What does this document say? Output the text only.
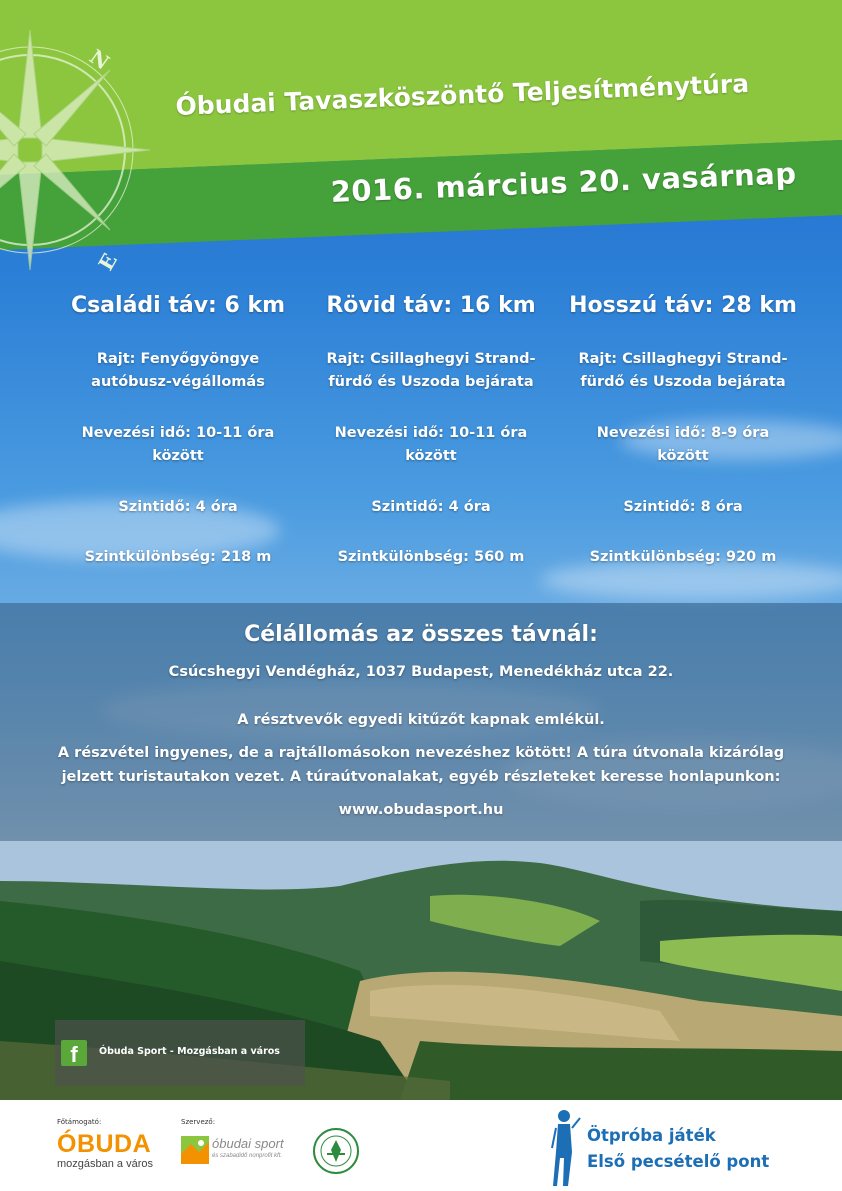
N
E
Óbudai Tavaszköszöntő Teljesítménytúra
2016. március 20. vasárnap
Családi táv: 6 km
Rajt: Fenyőgyöngye
autóbusz-végállomás
Nevezési idő: 10-11 óra
között
Szintidő: 4 óra
Szintkülönbség: 218 m
Rövid táv: 16 km
Rajt: Csillaghegyi Strand-
fürdő és Uszoda bejárata
Nevezési idő: 10-11 óra
között
Szintidő: 4 óra
Szintkülönbség: 560 m
Hosszú táv: 28 km
Rajt: Csillaghegyi Strand-
fürdő és Uszoda bejárata
Nevezési idő: 8-9 óra
között
Szintidő: 8 óra
Szintkülönbség: 920 m
Célállomás az összes távnál:
Csúcshegyi Vendégház, 1037 Budapest, Menedékház utca 22.
A résztvevők egyedi kitűzőt kapnak emlékül.
A részvétel ingyenes, de a rajtállomásokon nevezéshez kötött! A túra útvonala kizárólag
jelzett turistautakon vezet. A túraútvonalakat, egyéb részleteket keresse honlapunkon:
www.obudasport.hu
f	Óbuda Sport - Mozgásban a város
Főtámogató:
ÓBUDA
mozgásban a város
Szervező:
óbudai sport
és szabadidő nonprofit kft.
Ötpróba játék
Első pecsételő pont
